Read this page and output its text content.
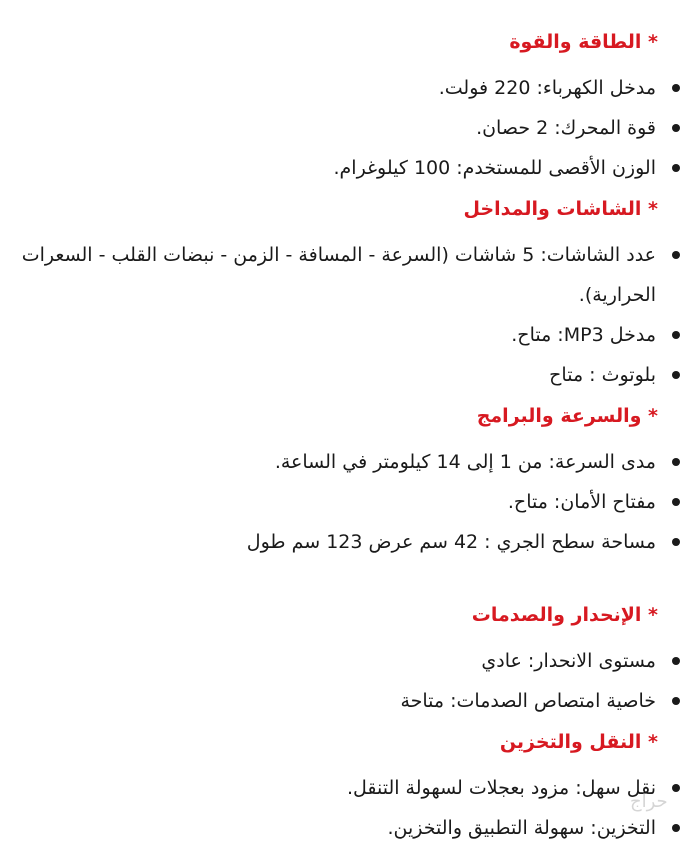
* الطاقة والقوة
مدخل الكهرباء: 220 فولت.
قوة المحرك: 2 حصان.
الوزن الأقصى للمستخدم: 100 كيلوغرام.
* الشاشات والمداخل
عدد الشاشات: 5 شاشات (السرعة - المسافة - الزمن - نبضات القلب - السعرات الحرارية).
مدخل MP3: متاح.
بلوتوث : متاح
* والسرعة والبرامج
مدى السرعة: من 1 إلى 14 كيلومتر في الساعة.
مفتاح الأمان: متاح.
مساحة سطح الجري : 42 سم عرض 123 سم طول
* الإنحدار والصدمات
مستوى الانحدار: عادي
خاصية امتصاص الصدمات: متاحة
* النقل والتخزين
نقل سهل: مزود بعجلات لسهولة التنقل.
التخزين: سهولة التطبيق والتخزين.
حراج
